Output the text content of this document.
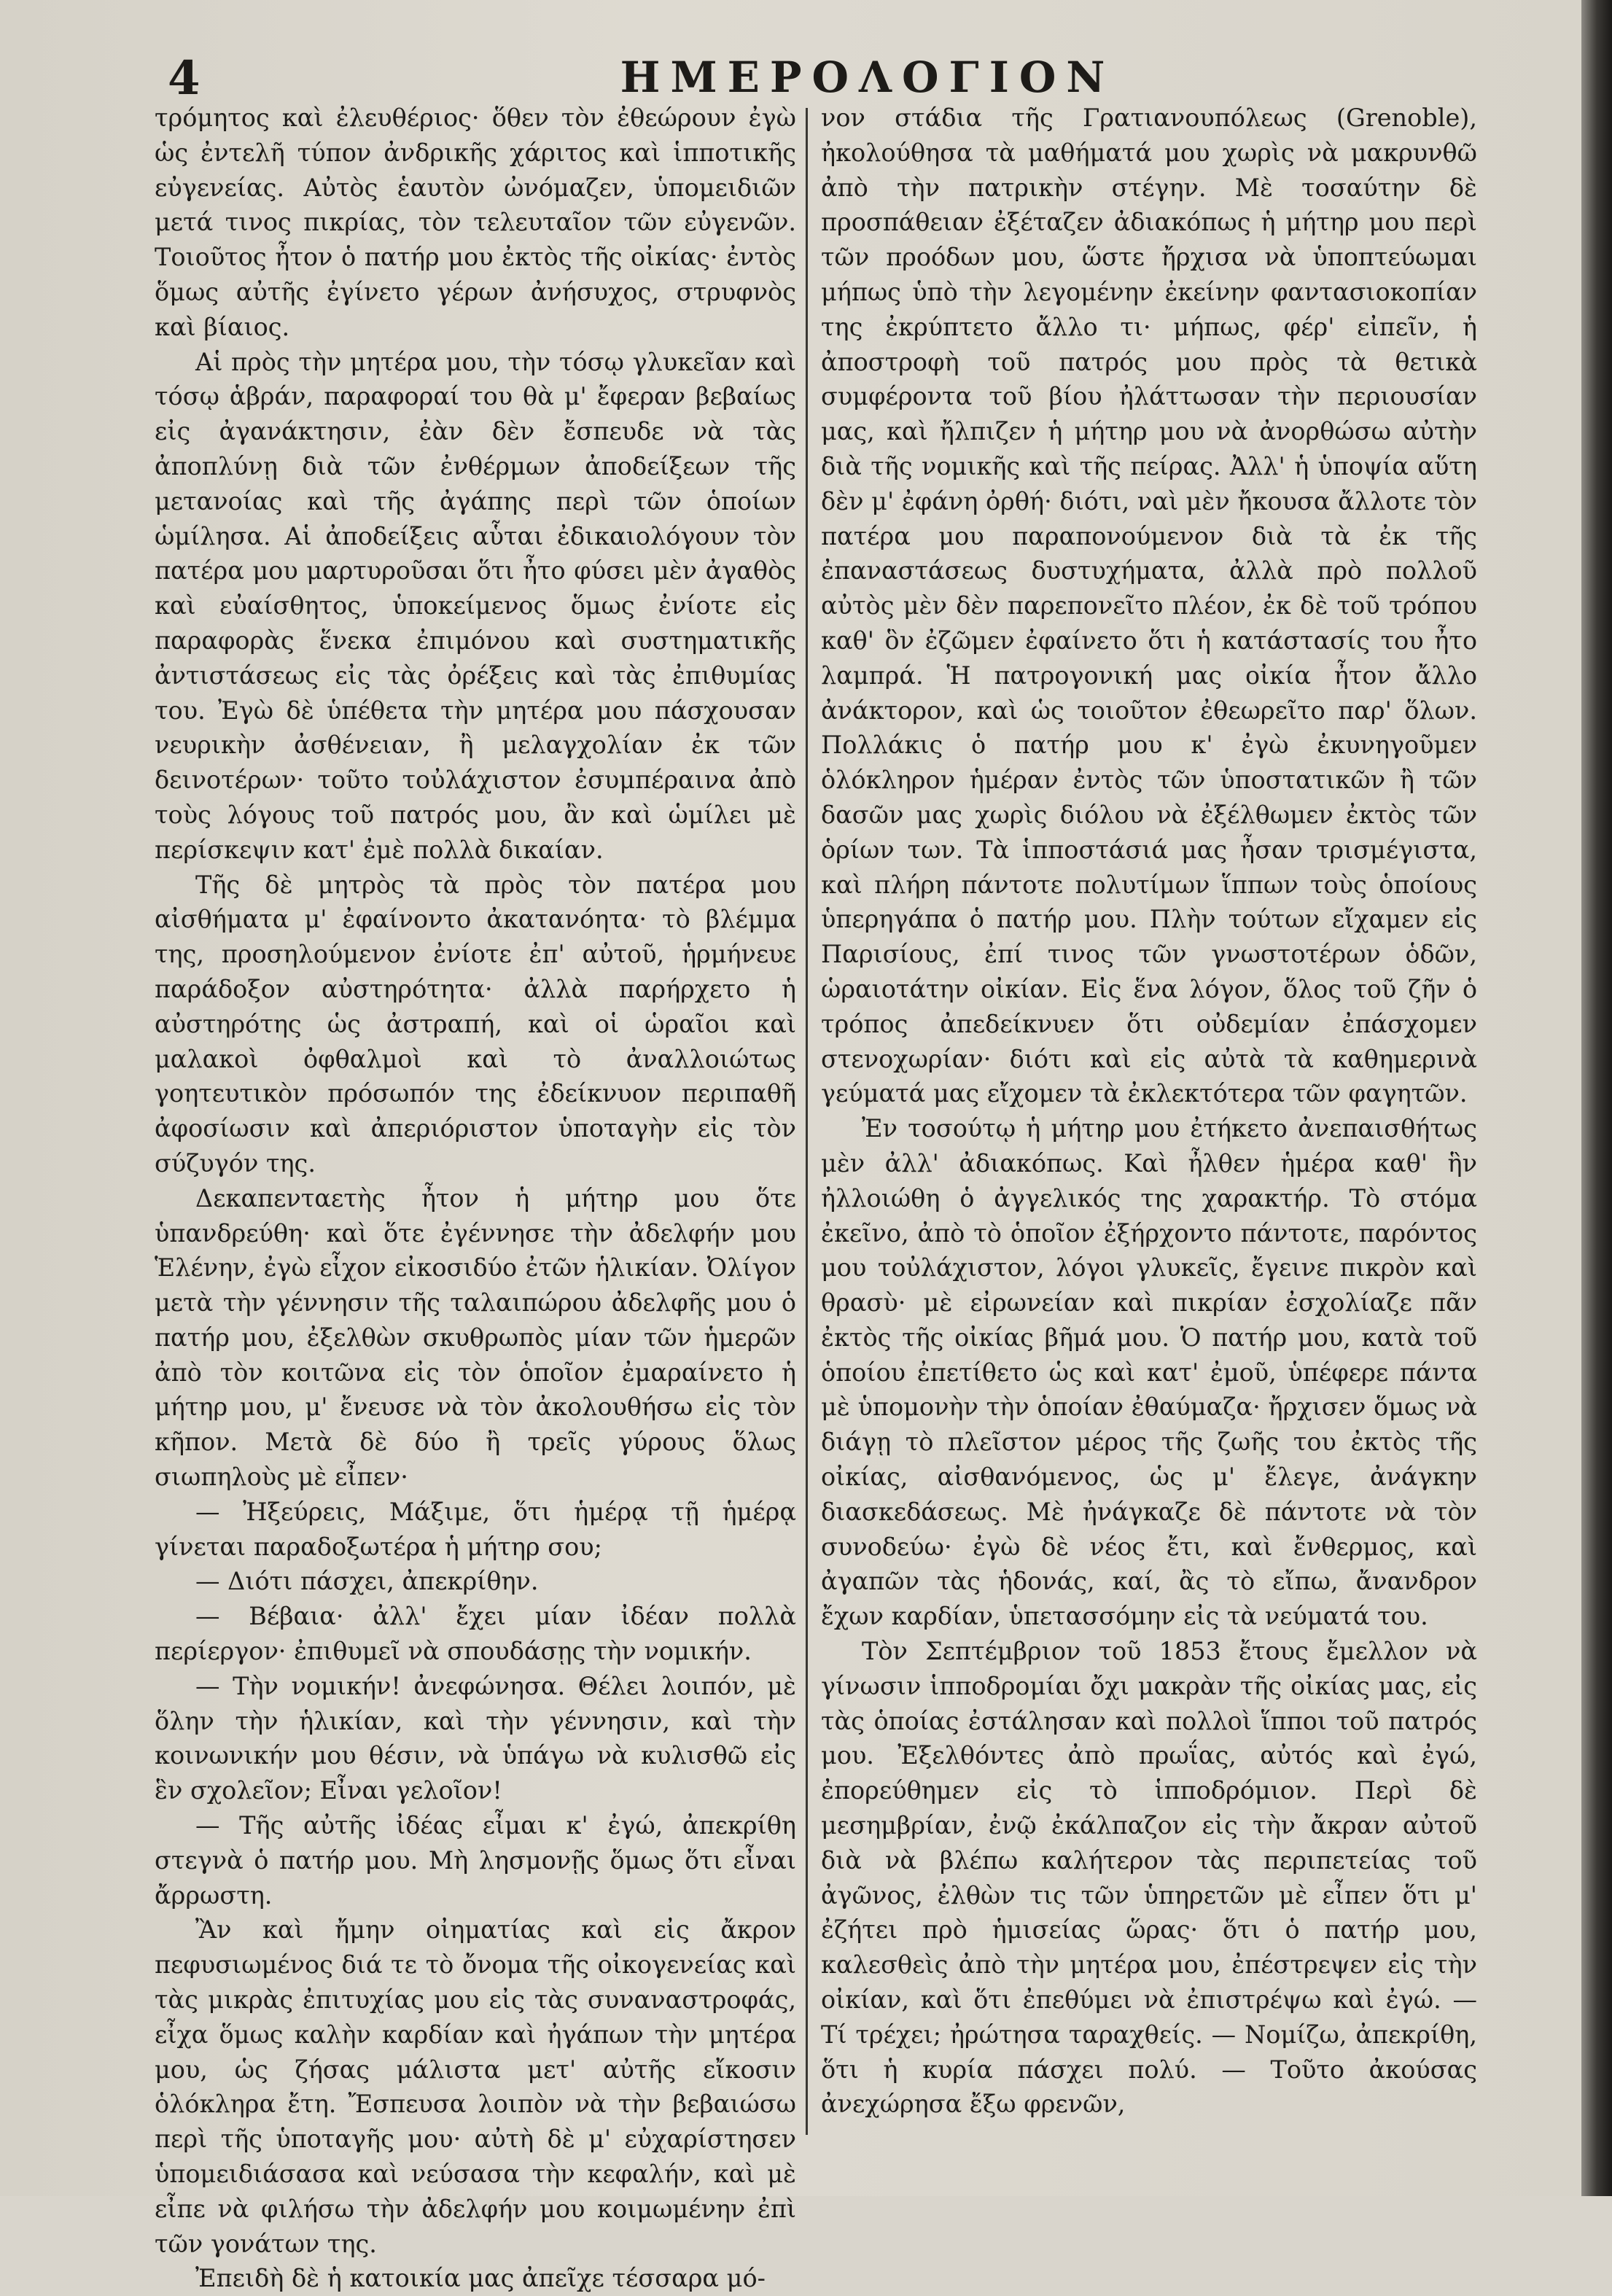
4	ΗΜΕΡΟΛΟΓΙΟΝ

τρόμητος καὶ ἐλευθέριος· ὅθεν τὸν ἐθεώρουν ἐγὼ ὡς ἐντελῆ τύπον ἀνδρικῆς χάριτος καὶ ἱπποτικῆς εὐγενείας. Αὐτὸς ἑαυτὸν ὠνόμαζεν, ὑπομειδιῶν μετά τινος πικρίας, τὸν τελευταῖον τῶν εὐγενῶν. Τοιοῦτος ἦτον ὁ πατήρ μου ἐκτὸς τῆς οἰκίας· ἐντὸς ὅμως αὐτῆς ἐγίνετο γέρων ἀνήσυχος, στρυφνὸς καὶ βίαιος.

Αἱ πρὸς τὴν μητέρα μου, τὴν τόσῳ γλυκεῖαν καὶ τόσῳ ἁβράν, παραφοραί του θὰ μ' ἔφεραν βεβαίως εἰς ἀγανάκτησιν, ἐὰν δὲν ἔσπευδε νὰ τὰς ἀποπλύνῃ διὰ τῶν ἐνθέρμων ἀποδείξεων τῆς μετανοίας καὶ τῆς ἀγάπης περὶ τῶν ὁποίων ὡμίλησα. Αἱ ἀποδείξεις αὗται ἐδικαιολόγουν τὸν πατέρα μου μαρτυροῦσαι ὅτι ἦτο φύσει μὲν ἀγαθὸς καὶ εὐαίσθητος, ὑποκείμενος ὅμως ἐνίοτε εἰς παραφορὰς ἕνεκα ἐπιμόνου καὶ συστηματικῆς ἀντιστάσεως εἰς τὰς ὀρέξεις καὶ τὰς ἐπιθυμίας του. Ἐγὼ δὲ ὑπέθετα τὴν μητέρα μου πάσχουσαν νευρικὴν ἀσθένειαν, ἢ μελαγχολίαν ἐκ τῶν δεινοτέρων· τοῦτο τοὐλάχιστον ἐσυμπέραινα ἀπὸ τοὺς λόγους τοῦ πατρός μου, ἂν καὶ ὡμίλει μὲ περίσκεψιν κατ' ἐμὲ πολλὰ δικαίαν.

Τῆς δὲ μητρὸς τὰ πρὸς τὸν πατέρα μου αἰσθήματα μ' ἐφαίνοντο ἀκατανόητα· τὸ βλέμμα της, προσηλούμενον ἐνίοτε ἐπ' αὐτοῦ, ἡρμήνευε παράδοξον αὐστηρότητα· ἀλλὰ παρήρχετο ἡ αὐστηρότης ὡς ἀστραπή, καὶ οἱ ὡραῖοι καὶ μαλακοὶ ὀφθαλμοὶ καὶ τὸ ἀναλλοιώτως γοητευτικὸν πρόσωπόν της ἐδείκνυον περιπαθῆ ἀφοσίωσιν καὶ ἀπεριόριστον ὑποταγὴν εἰς τὸν σύζυγόν της.

Δεκαπενταετὴς ἦτον ἡ μήτηρ μου ὅτε ὑπανδρεύθη· καὶ ὅτε ἐγέννησε τὴν ἀδελφήν μου Ἑλένην, ἐγὼ εἶχον εἰκοσιδύο ἐτῶν ἡλικίαν. Ὀλίγον μετὰ τὴν γέννησιν τῆς ταλαιπώρου ἀδελφῆς μου ὁ πατήρ μου, ἐξελθὼν σκυθρωπὸς μίαν τῶν ἡμερῶν ἀπὸ τὸν κοιτῶνα εἰς τὸν ὁποῖον ἐμαραίνετο ἡ μήτηρ μου, μ' ἔνευσε νὰ τὸν ἀκολουθήσω εἰς τὸν κῆπον. Μετὰ δὲ δύο ἢ τρεῖς γύρους ὅλως σιωπηλοὺς μὲ εἶπεν·

— Ἠξεύρεις, Μάξιμε, ὅτι ἡμέρᾳ τῇ ἡμέρᾳ γίνεται παραδοξωτέρα ἡ μήτηρ σου;

— Διότι πάσχει, ἀπεκρίθην.

— Βέβαια· ἀλλ' ἔχει μίαν ἰδέαν πολλὰ περίεργον· ἐπιθυμεῖ νὰ σπουδάσῃς τὴν νομικήν.

— Τὴν νομικήν! ἀνεφώνησα. Θέλει λοιπόν, μὲ ὅλην τὴν ἡλικίαν, καὶ τὴν γέννησιν, καὶ τὴν κοινωνικήν μου θέσιν, νὰ ὑπάγω νὰ κυλισθῶ εἰς ἓν σχολεῖον; Εἶναι γελοῖον!

— Τῆς αὐτῆς ἰδέας εἶμαι κ' ἐγώ, ἀπεκρίθη στεγνὰ ὁ πατήρ μου. Μὴ λησμονῇς ὅμως ὅτι εἶναι ἄρρωστη.

Ἂν καὶ ἤμην οἰηματίας καὶ εἰς ἄκρον πεφυσιωμένος διά τε τὸ ὄνομα τῆς οἰκογενείας καὶ τὰς μικρὰς ἐπιτυχίας μου εἰς τὰς συναναστροφάς, εἶχα ὅμως καλὴν καρδίαν καὶ ἠγάπων τὴν μητέρα μου, ὡς ζήσας μάλιστα μετ' αὐτῆς εἴκοσιν ὁλόκληρα ἔτη. Ἔσπευσα λοιπὸν νὰ τὴν βεβαιώσω περὶ τῆς ὑποταγῆς μου· αὐτὴ δὲ μ' εὐχαρίστησεν ὑπομειδιάσασα καὶ νεύσασα τὴν κεφαλήν, καὶ μὲ εἶπε νὰ φιλήσω τὴν ἀδελφήν μου κοιμωμένην ἐπὶ τῶν γονάτων της.

Ἐπειδὴ δὲ ἡ κατοικία μας ἀπεῖχε τέσσαρα μό-

νον στάδια τῆς Γρατιανουπόλεως (Grenoble), ἠκολούθησα τὰ μαθήματά μου χωρὶς νὰ μακρυνθῶ ἀπὸ τὴν πατρικὴν στέγην. Μὲ τοσαύτην δὲ προσπάθειαν ἐξέταζεν ἀδιακόπως ἡ μήτηρ μου περὶ τῶν προόδων μου, ὥστε ἤρχισα νὰ ὑποπτεύωμαι μήπως ὑπὸ τὴν λεγομένην ἐκείνην φαντασιοκοπίαν της ἐκρύπτετο ἄλλο τι· μήπως, φέρ' εἰπεῖν, ἡ ἀποστροφὴ τοῦ πατρός μου πρὸς τὰ θετικὰ συμφέροντα τοῦ βίου ἠλάττωσαν τὴν περιουσίαν μας, καὶ ἤλπιζεν ἡ μήτηρ μου νὰ ἀνορθώσω αὐτὴν διὰ τῆς νομικῆς καὶ τῆς πείρας. Ἀλλ' ἡ ὑποψία αὕτη δὲν μ' ἐφάνη ὀρθή· διότι, ναὶ μὲν ἤκουσα ἄλλοτε τὸν πατέρα μου παραπονούμενον διὰ τὰ ἐκ τῆς ἐπαναστάσεως δυστυχήματα, ἀλλὰ πρὸ πολλοῦ αὐτὸς μὲν δὲν παρεπονεῖτο πλέον, ἐκ δὲ τοῦ τρόπου καθ' ὃν ἐζῶμεν ἐφαίνετο ὅτι ἡ κατάστασίς του ἦτο λαμπρά. Ἡ πατρογονική μας οἰκία ἦτον ἄλλο ἀνάκτορον, καὶ ὡς τοιοῦτον ἐθεωρεῖτο παρ' ὅλων. Πολλάκις ὁ πατήρ μου κ' ἐγὼ ἐκυνηγοῦμεν ὁλόκληρον ἡμέραν ἐντὸς τῶν ὑποστατικῶν ἢ τῶν δασῶν μας χωρὶς διόλου νὰ ἐξέλθωμεν ἐκτὸς τῶν ὁρίων των. Τὰ ἱπποστάσιά μας ἦσαν τρισμέγιστα, καὶ πλήρη πάντοτε πολυτίμων ἵππων τοὺς ὁποίους ὑπερηγάπα ὁ πατήρ μου. Πλὴν τούτων εἴχαμεν εἰς Παρισίους, ἐπί τινος τῶν γνωστοτέρων ὁδῶν, ὡραιοτάτην οἰκίαν. Εἰς ἕνα λόγον, ὅλος τοῦ ζῆν ὁ τρόπος ἀπεδείκνυεν ὅτι οὐδεμίαν ἐπάσχομεν στενοχωρίαν· διότι καὶ εἰς αὐτὰ τὰ καθημερινὰ γεύματά μας εἴχομεν τὰ ἐκλεκτότερα τῶν φαγητῶν.

Ἐν τοσούτῳ ἡ μήτηρ μου ἐτήκετο ἀνεπαισθήτως μὲν ἀλλ' ἀδιακόπως. Καὶ ἦλθεν ἡμέρα καθ' ἣν ἠλλοιώθη ὁ ἀγγελικός της χαρακτήρ. Τὸ στόμα ἐκεῖνο, ἀπὸ τὸ ὁποῖον ἐξήρχοντο πάντοτε, παρόντος μου τοὐλάχιστον, λόγοι γλυκεῖς, ἔγεινε πικρὸν καὶ θρασὺ· μὲ εἰρωνείαν καὶ πικρίαν ἐσχολίαζε πᾶν ἐκτὸς τῆς οἰκίας βῆμά μου. Ὁ πατήρ μου, κατὰ τοῦ ὁποίου ἐπετίθετο ὡς καὶ κατ' ἐμοῦ, ὑπέφερε πάντα μὲ ὑπομονὴν τὴν ὁποίαν ἐθαύμαζα· ἤρχισεν ὅμως νὰ διάγῃ τὸ πλεῖστον μέρος τῆς ζωῆς του ἐκτὸς τῆς οἰκίας, αἰσθανόμενος, ὡς μ' ἔλεγε, ἀνάγκην διασκεδάσεως. Μὲ ἠνάγκαζε δὲ πάντοτε νὰ τὸν συνοδεύω· ἐγὼ δὲ νέος ἔτι, καὶ ἔνθερμος, καὶ ἀγαπῶν τὰς ἡδονάς, καί, ἂς τὸ εἴπω, ἄνανδρον ἔχων καρδίαν, ὑπετασσόμην εἰς τὰ νεύματά του.

Τὸν Σεπτέμβριον τοῦ 1853 ἔτους ἔμελλον νὰ γίνωσιν ἱπποδρομίαι ὄχι μακρὰν τῆς οἰκίας μας, εἰς τὰς ὁποίας ἐστάλησαν καὶ πολλοὶ ἵπποι τοῦ πατρός μου. Ἐξελθόντες ἀπὸ πρωΐας, αὐτός καὶ ἐγώ, ἐπορεύθημεν εἰς τὸ ἱπποδρόμιον. Περὶ δὲ μεσημβρίαν, ἐνῷ ἐκάλπαζον εἰς τὴν ἄκραν αὐτοῦ διὰ νὰ βλέπω καλήτερον τὰς περιπετείας τοῦ ἀγῶνος, ἐλθὼν τις τῶν ὑπηρετῶν μὲ εἶπεν ὅτι μ' ἐζήτει πρὸ ἡμισείας ὥρας· ὅτι ὁ πατήρ μου, καλεσθεὶς ἀπὸ τὴν μητέρα μου, ἐπέστρεψεν εἰς τὴν οἰκίαν, καὶ ὅτι ἐπεθύμει νὰ ἐπιστρέψω καὶ ἐγώ. — Τί τρέχει; ἠρώτησα ταραχθείς. — Νομίζω, ἀπεκρίθη, ὅτι ἡ κυρία πάσχει πολύ. — Τοῦτο ἀκούσας ἀνεχώρησα ἔξω φρενῶν,
